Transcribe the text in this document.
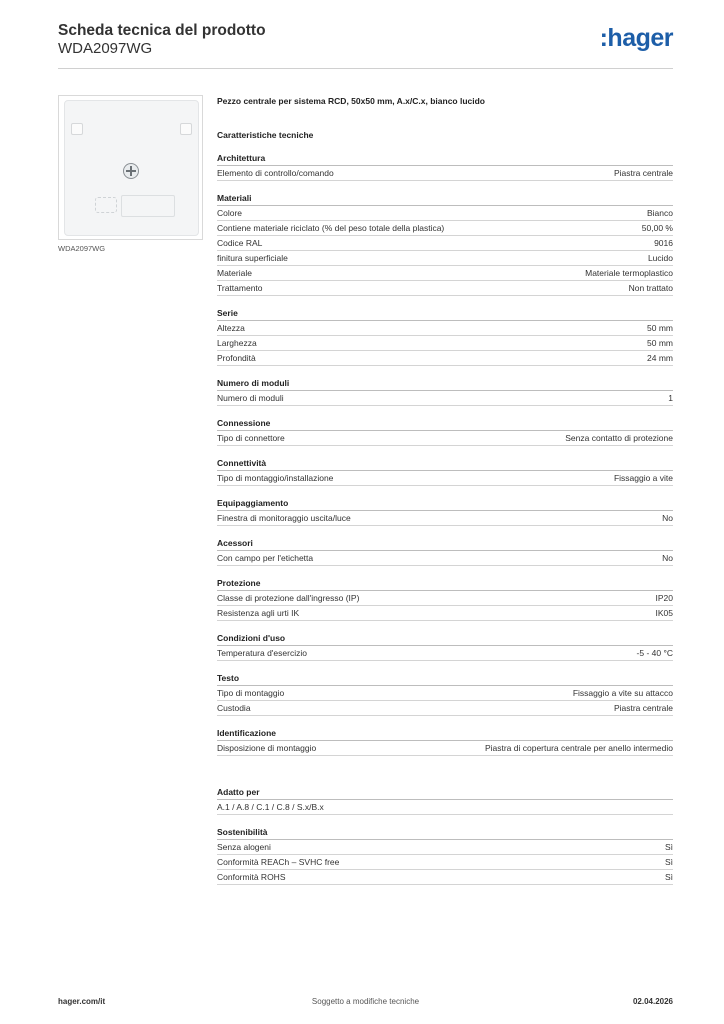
Scheda tecnica del prodotto
WDA2097WG	:hager
WDA2097WG
Pezzo centrale per sistema RCD, 50x50 mm, A.x/C.x, bianco lucido
Caratteristiche tecniche
Architettura
Elemento di controllo/comando	Piastra centrale
Materiali
Colore	Bianco
Contiene materiale riciclato (% del peso totale della plastica)	50,00 %
Codice RAL	9016
finitura superficiale	Lucido
Materiale	Materiale termoplastico
Trattamento	Non trattato
Serie
Altezza	50 mm
Larghezza	50 mm
Profondità	24 mm
Numero di moduli
Numero di moduli	1
Connessione
Tipo di connettore	Senza contatto di protezione
Connettività
Tipo di montaggio/installazione	Fissaggio a vite
Equipaggiamento
Finestra di monitoraggio uscita/luce	No
Acessori
Con campo per l'etichetta	No
Protezione
Classe di protezione dall'ingresso (IP)	IP20
Resistenza agli urti IK	IK05
Condizioni d'uso
Temperatura d'esercizio	-5 - 40 °C
Testo
Tipo di montaggio	Fissaggio a vite su attacco
Custodia	Piastra centrale
Identificazione
Disposizione di montaggio	Piastra di copertura centrale per anello intermedio
Adatto per
A.1 / A.8 / C.1 / C.8 / S.x/B.x
Sostenibilità
Senza alogeni	Sì
Conformità REACh – SVHC free	Sì
Conformità ROHS	Sì
Soggetto a modifiche tecniche
hager.com/it	02.04.2026
